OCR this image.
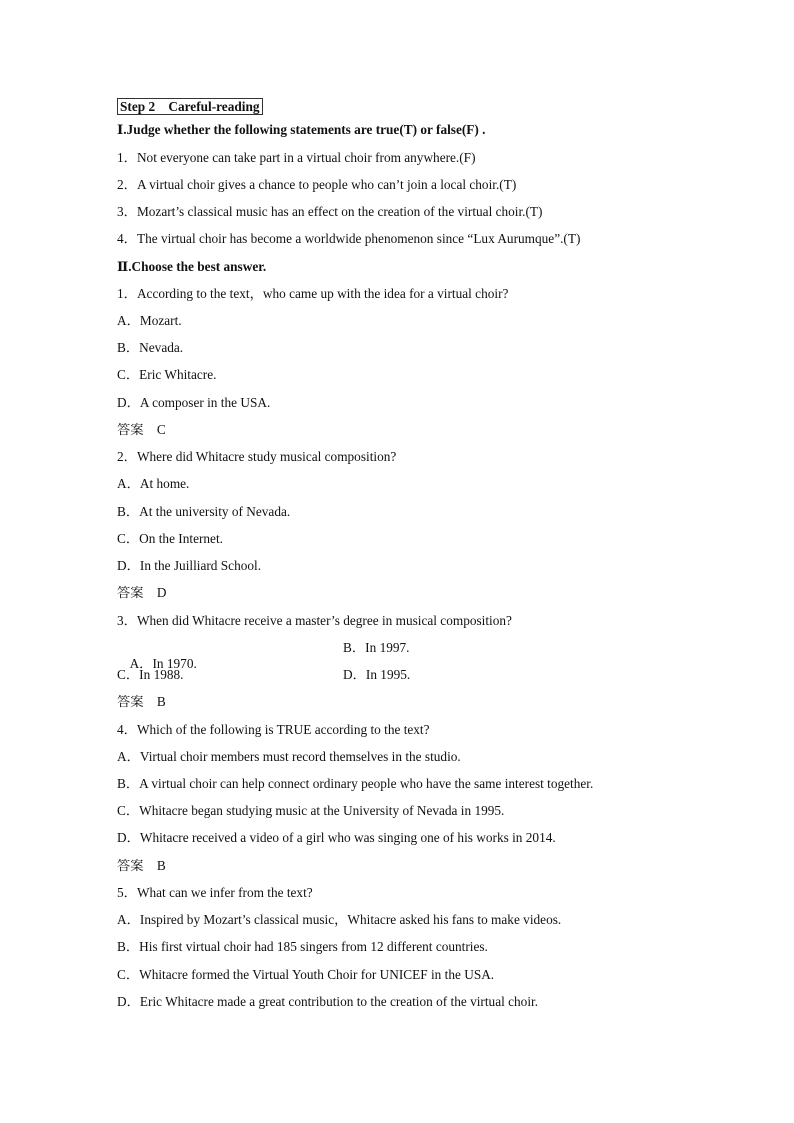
Step 2　Careful-reading
Ⅰ.Judge whether the following statements are true(T) or false(F) .
1．Not everyone can take part in a virtual choir from anywhere.(F)
2．A virtual choir gives a chance to people who can’t join a local choir.(T)
3．Mozart’s classical music has an effect on the creation of the virtual choir.(T)
4．The virtual choir has become a worldwide phenomenon since “Lux Aurumque”.(T)
Ⅱ.Choose the best answer.
1．According to the text，who came up with the idea for a virtual choir?
A．Mozart.
B．Nevada.
C．Eric Whitacre.
D．A composer in the USA.
答案　C
2．Where did Whitacre study musical composition?
A．At home.
B．At the university of Nevada.
C．On the Internet.
D．In the Juilliard School.
答案　D
3．When did Whitacre receive a master’s degree in musical composition?

A．In 1970.

B．In 1997.
C．In 1988.	D．In 1995.
答案　B
4．Which of the following is TRUE according to the text?
A．Virtual choir members must record themselves in the studio.
B．A virtual choir can help connect ordinary people who have the same interest together.
C．Whitacre began studying music at the University of Nevada in 1995.
D．Whitacre received a video of a girl who was singing one of his works in 2014.
答案　B
5．What can we infer from the text?
A．Inspired by Mozart’s classical music，Whitacre asked his fans to make videos.
B．His first virtual choir had 185 singers from 12 different countries.
C．Whitacre formed the Virtual Youth Choir for UNICEF in the USA.
D．Eric Whitacre made a great contribution to the creation of the virtual choir.
